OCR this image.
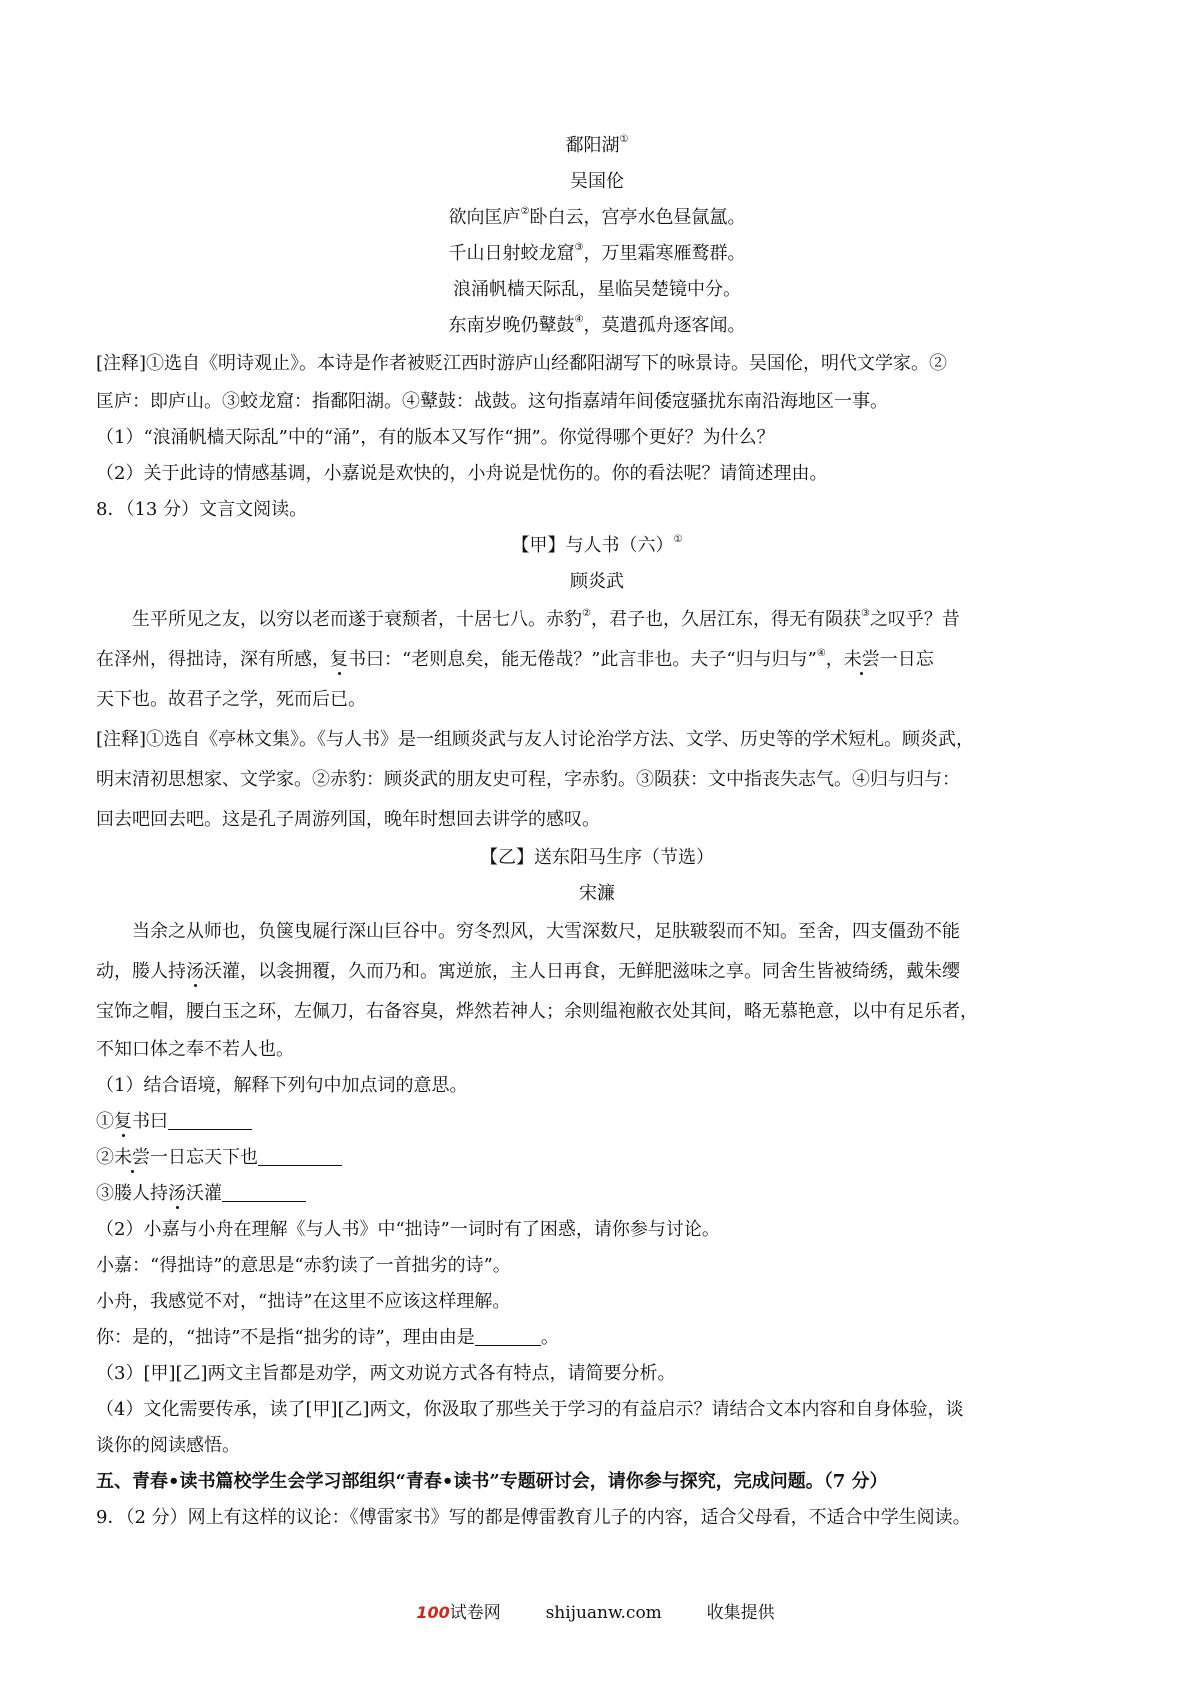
鄱阳湖①
吴国伦
欲向匡庐②卧白云，宫亭水色昼氤氲。
千山日射蛟龙窟③，万里霜寒雁鹜群。
浪涌帆樯天际乱，星临吴楚镜中分。
东南岁晚仍鼙鼓④，莫遣孤舟逐客闻。
[注释]①选自《明诗观止》。本诗是作者被贬江西时游庐山经鄱阳湖写下的咏景诗。吴国伦，明代文学家。②
匡庐：即庐山。③蛟龙窟：指鄱阳湖。④鼙鼓：战鼓。这句指嘉靖年间倭寇骚扰东南沿海地区一事。
（1）“浪涌帆樯天际乱”中的“涌”，有的版本又写作“拥”。你觉得哪个更好？为什么？
（2）关于此诗的情感基调，小嘉说是欢快的，小舟说是忧伤的。你的看法呢？请简述理由。
8．（13 分）文言文阅读。
【甲】与人书（六）①
顾炎武
生平所见之友，以穷以老而遂于衰颓者，十居七八。赤豹②，君子也，久居江东，得无有陨获③之叹乎？昔
在泽州，得拙诗，深有所感，复书曰：“老则息矣，能无倦哉？”此言非也。夫子“归与归与”④，未尝一日忘
天下也。故君子之学，死而后已。
[注释]①选自《亭林文集》。《与人书》是一组顾炎武与友人讨论治学方法、文学、历史等的学术短札。顾炎武，
明末清初思想家、文学家。②赤豹：顾炎武的朋友史可程，字赤豹。③陨获：文中指丧失志气。④归与归与：
回去吧回去吧。这是孔子周游列国，晚年时想回去讲学的感叹。
【乙】送东阳马生序（节选）
宋濂
当余之从师也，负箧曳屣行深山巨谷中。穷冬烈风，大雪深数尺，足肤皲裂而不知。至舍，四支僵劲不能
动，媵人持汤沃灌，以衾拥覆，久而乃和。寓逆旅，主人日再食，无鲜肥滋味之享。同舍生皆被绮绣，戴朱缨
宝饰之帽，腰白玉之环，左佩刀，右备容臭，烨然若神人；余则缊袍敝衣处其间，略无慕艳意，以中有足乐者，
不知口体之奉不若人也。
（1）结合语境，解释下列句中加点词的意思。
①复书曰
②未尝一日忘天下也
③媵人持汤沃灌
（2）小嘉与小舟在理解《与人书》中“拙诗”一词时有了困惑，请你参与讨论。
小嘉：“得拙诗”的意思是“赤豹读了一首拙劣的诗”。
小舟，我感觉不对，“拙诗”在这里不应该这样理解。
你：是的，“拙诗”不是指“拙劣的诗”，理由由是	。
（3）[甲][乙]两文主旨都是劝学，两文劝说方式各有特点，请简要分析。
（4）文化需要传承，读了[甲][乙]两文，你汲取了那些关于学习的有益启示？请结合文本内容和自身体验，谈
谈你的阅读感悟。
五、青春•读书篇校学生会学习部组织“青春•读书”专题研讨会，请你参与探究，完成问题。（7 分）
9．（2 分）网上有这样的议论：《傅雷家书》写的都是傅雷教育儿子的内容，适合父母看，不适合中学生阅读。
100试卷网	shijuanw.com	收集提供
